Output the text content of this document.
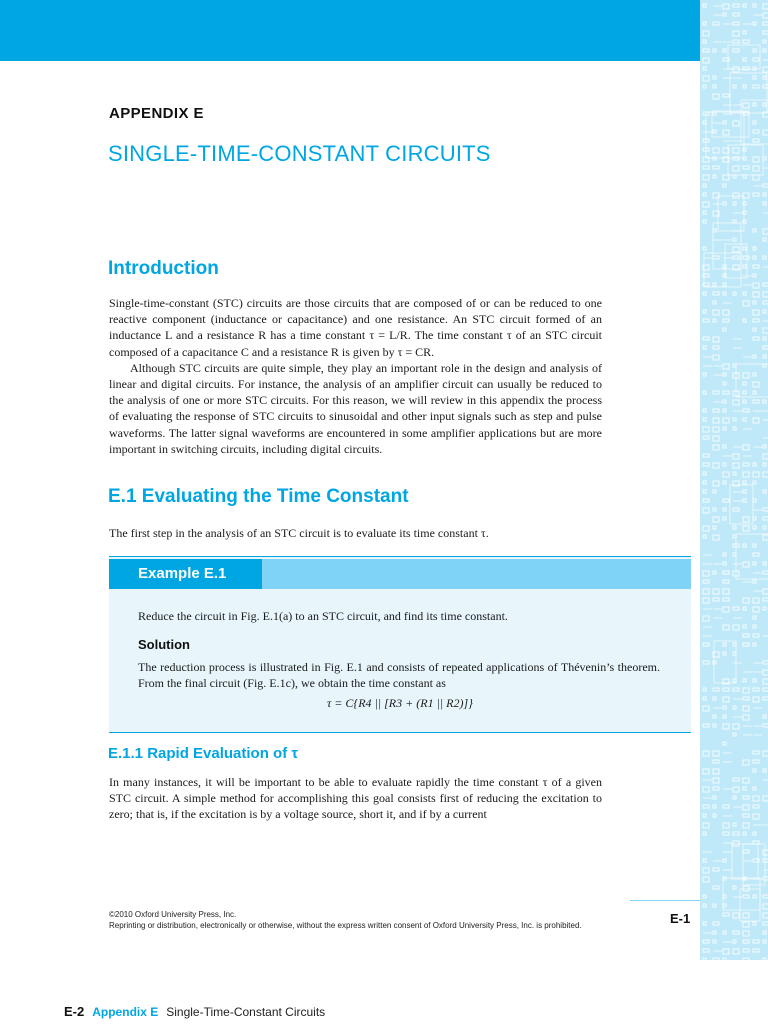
APPENDIX E
SINGLE-TIME-CONSTANT CIRCUITS
Introduction

Single-time-constant (STC) circuits are those circuits that are composed of or can be reduced to one reactive component (inductance or capacitance) and one resistance. An STC circuit formed of an inductance L and a resistance R has a time constant τ = L/R. The time constant τ of an STC circuit composed of a capacitance C and a resistance R is given by τ = CR.

Although STC circuits are quite simple, they play an important role in the design and analysis of linear and digital circuits. For instance, the analysis of an amplifier circuit can usually be reduced to the analysis of one or more STC circuits. For this reason, we will review in this appendix the process of evaluating the response of STC circuits to sinusoidal and other input signals such as step and pulse waveforms. The latter signal waveforms are encountered in some amplifier applications but are more important in switching circuits, including digital circuits.

E.1 Evaluating the Time Constant
The first step in the analysis of an STC circuit is to evaluate its time constant τ.
Example E.1
Reduce the circuit in Fig. E.1(a) to an STC circuit, and find its time constant.
Solution
The reduction process is illustrated in Fig. E.1 and consists of repeated applications of Thévenin’s theorem. From the final circuit (Fig. E.1c), we obtain the time constant as
τ = C{R4 || [R3 + (R1 || R2)]}
E.1.1 Rapid Evaluation of τ
In many instances, it will be important to be able to evaluate rapidly the time constant τ of a given STC circuit. A simple method for accomplishing this goal consists first of reducing the excitation to zero; that is, if the excitation is by a voltage source, short it, and if by a current
©2010 Oxford University Press, Inc.
Reprinting or distribution, electronically or otherwise, without the express written consent of Oxford University Press, Inc. is prohibited.	E-1
E-2 Appendix E Single-Time-Constant Circuits
